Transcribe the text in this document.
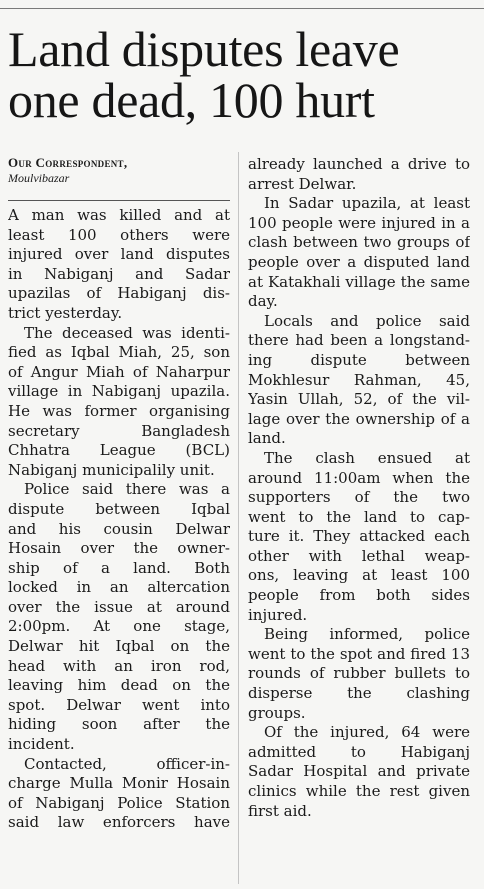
Land disputes leave
one dead, 100 hurt
Our Correspondent,
Moulvibazar
A man was killed and at
least 100 others were
injured over land disputes
in Nabiganj and Sadar
upazilas of Habiganj dis-
trict yesterday.
The deceased was identi-
fied as Iqbal Miah, 25, son
of Angur Miah of Naharpur
village in Nabiganj upazila.
He was former organising
secretary Bangladesh
Chhatra League (BCL)
Nabiganj municipalily unit.
Police said there was a
dispute between Iqbal
and his cousin Delwar
Hosain over the owner-
ship of a land. Both
locked in an altercation
over the issue at around
2:00pm. At one stage,
Delwar hit Iqbal on the
head with an iron rod,
leaving him dead on the
spot. Delwar went into
hiding soon after the
incident.
Contacted, officer-in-
charge Mulla Monir Hosain
of Nabiganj Police Station
said law enforcers have
already launched a drive to
arrest Delwar.
In Sadar upazila, at least
100 people were injured in a
clash between two groups of
people over a disputed land
at Katakhali village the same
day.
Locals and police said
there had been a longstand-
ing dispute between
Mokhlesur Rahman, 45,
Yasin Ullah, 52, of the vil-
lage over the ownership of a
land.
The clash ensued at
around 11:00am when the
supporters of the two
went to the land to cap-
ture it. They attacked each
other with lethal weap-
ons, leaving at least 100
people from both sides
injured.
Being informed, police
went to the spot and fired 13
rounds of rubber bullets to
disperse the clashing
groups.
Of the injured, 64 were
admitted to Habiganj
Sadar Hospital and private
clinics while the rest given
first aid.
